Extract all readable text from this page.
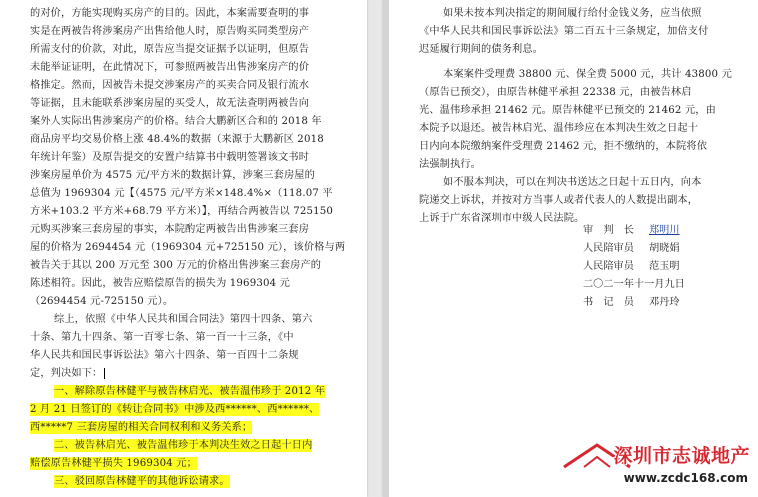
的对价，方能实现购买房产的目的。因此，本案需要查明的事
实是在两被告将涉案房产出售给他人时，原告购买同类型房产
所需支付的价款，对此，原告应当提交证据予以证明，但原告
未能举证证明，在此情况下，可参照两被告出售涉案房产的价
格推定。然而，因被告未提交涉案房产的买卖合同及银行流水
等证据，且未能联系涉案房屋的买受人，故无法查明两被告向
案外人实际出售涉案房产的价格。结合大鹏新区合和的 2018 年
商品房平均交易价格上涨 48.4%的数据（来源于大鹏新区 2018
年统计年鉴）及原告提交的安置户结算书中载明签署该文书时
涉案房屋单价为 4575 元/平方米的数据计算，涉案三套房屋的
总值为 1969304 元【（4575 元/平方米×148.4%×（118.07 平
方米+103.2 平方米+68.79 平方米）】，再结合两被告以 725150
元购买涉案三套房屋的事实，本院酌定两被告出售涉案三套房
屋的价格为 2694454 元（1969304 元+725150 元），该价格与两
被告关于其以 200 万元至 300 万元的价格出售涉案三套房产的
陈述相符。因此，被告应赔偿原告的损失为 1969304 元
（2694454 元-725150 元）。
综上，依照《中华人民共和国合同法》第四十四条、第六
十条、第九十四条、第一百零七条、第一百一十三条，《中
华人民共和国民事诉讼法》第六十四条、第一百四十二条规
定，判决如下：
一、解除原告林健平与被告林启光、被告温伟珍于 2012 年
2 月 21 日签订的《转让合同书》中涉及西******、西******、
西*****7 三套房屋的相关合同权利和义务关系；
二、被告林启光、被告温伟珍于本判决生效之日起十日内
赔偿原告林健平损失 1969304 元；
三、驳回原告林健平的其他诉讼请求。
如果未按本判决指定的期间履行给付金钱义务，应当依照
《中华人民共和国民事诉讼法》第二百五十三条规定，加倍支付
迟延履行期间的债务利息。
本案案件受理费 38800 元、保全费 5000 元，共计 43800 元
（原告已预交），由原告林健平承担 22338 元，由被告林启
光、温伟珍承担 21462 元。原告林健平已预交的 21462 元，由
本院予以退还。被告林启光、温伟珍应在本判决生效之日起十
日内向本院缴纳案件受理费 21462 元，拒不缴纳的，本院将依
法强制执行。
如不服本判决，可以在判决书送达之日起十五日内，向本
院递交上诉状，并按对方当事人或者代表人的人数提出副本，
上诉于广东省深圳市中级人民法院。
审　判　长 郑明川
人民陪审员 胡晓娟
人民陪审员 范玉明
二〇二一年十一月九日
书　记　员 邓丹玲
深圳市志诚地产
www.zcdc168.com
